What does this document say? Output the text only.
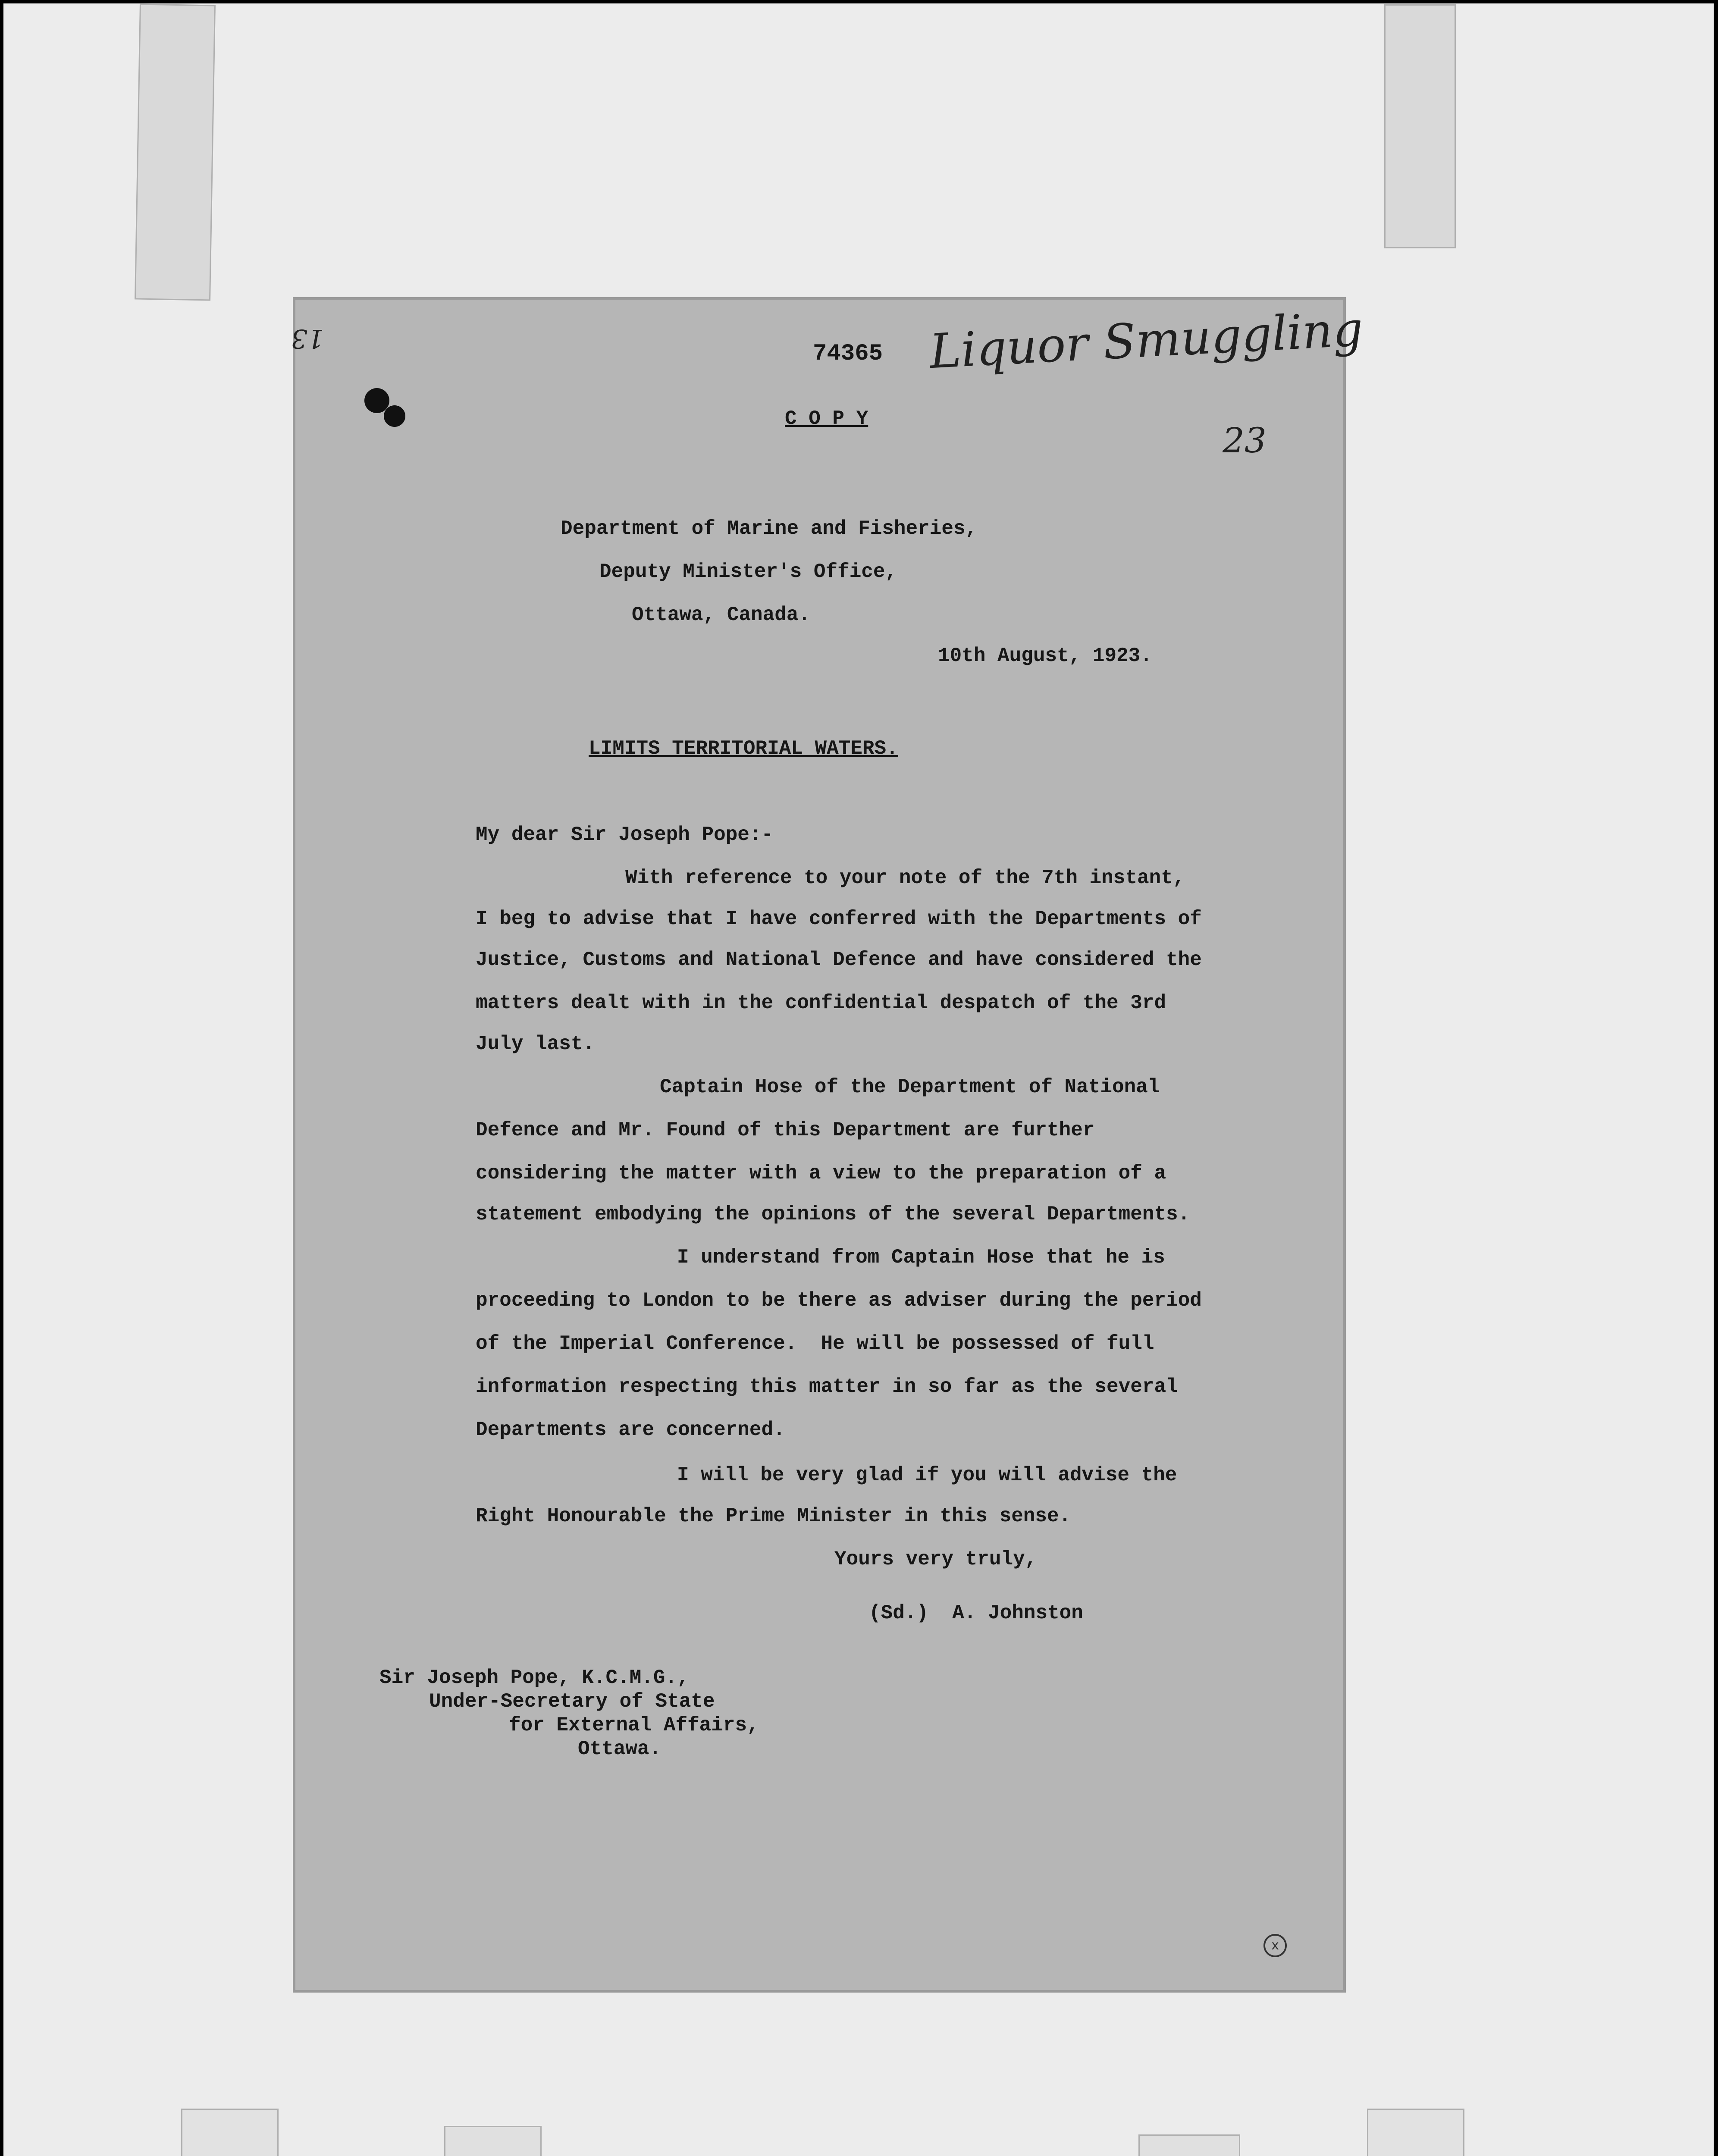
13
74365 Liquor Smuggling
23
C O P Y
Department of Marine and Fisheries,
Deputy Minister's Office,
Ottawa, Canada.
10th August, 1923.
LIMITS TERRITORIAL WATERS.
My dear Sir Joseph Pope:-
With reference to your note of the 7th instant,
I beg to advise that I have conferred with the Departments of
Justice, Customs and National Defence and have considered the
matters dealt with in the confidential despatch of the 3rd
July last.
Captain Hose of the Department of National
Defence and Mr. Found of this Department are further
considering the matter with a view to the preparation of a
statement embodying the opinions of the several Departments.
I understand from Captain Hose that he is
proceeding to London to be there as adviser during the period
of the Imperial Conference.  He will be possessed of full
information respecting this matter in so far as the several
Departments are concerned.
I will be very glad if you will advise the
Right Honourable the Prime Minister in this sense.
Yours very truly,
(Sd.)  A. Johnston
Sir Joseph Pope, K.C.M.G.,
Under-Secretary of State
for External Affairs,
Ottawa.
x
